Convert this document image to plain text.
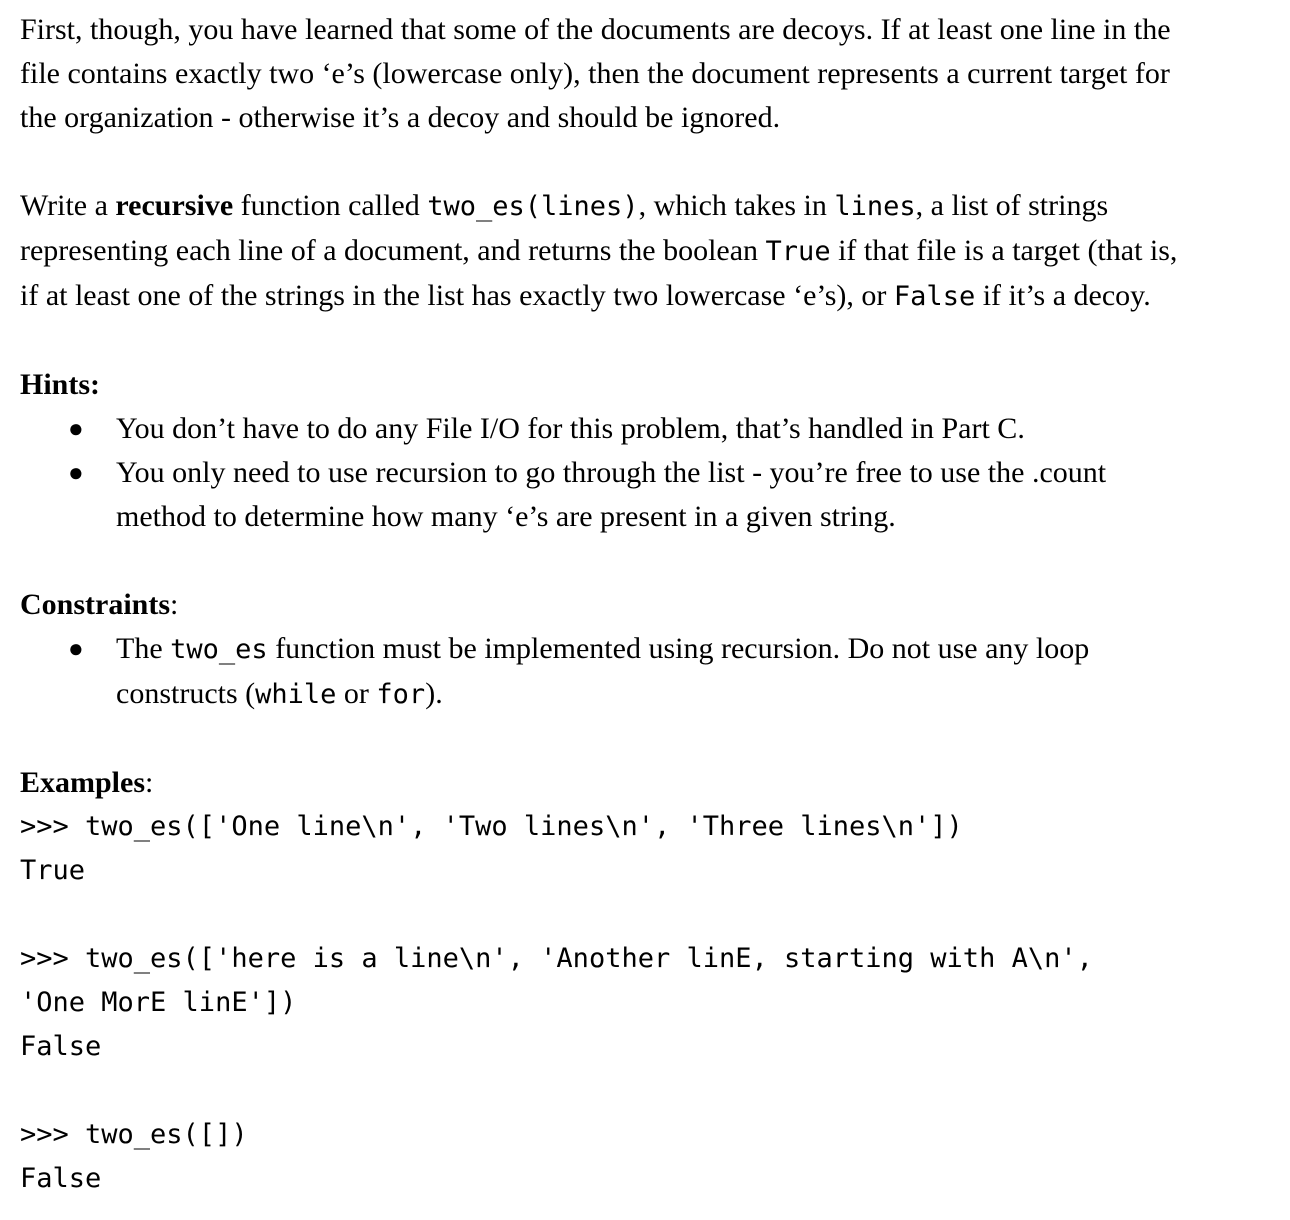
First, though, you have learned that some of the documents are decoys. If at least one line in the

file contains exactly two ‘e’s (lowercase only), then the document represents a current target for

the organization - otherwise it’s a decoy and should be ignored.

Write a recursive function called two_es(lines), which takes in lines, a list of strings

representing each line of a document, and returns the boolean True if that file is a target (that is,

if at least one of the strings in the list has exactly two lowercase ‘e’s), or False if it’s a decoy.

Hints:

● You don’t have to do any File I/O for this problem, that’s handled in Part C.
● You only need to use recursion to go through the list - you’re free to use the .count
method to determine how many ‘e’s are present in a given string.

Constraints:

● The two_es function must be implemented using recursion. Do not use any loop
constructs (while or for).

Examples:

>>> two_es(['One line\n', 'Two lines\n', 'Three lines\n'])
True
>>> two_es(['here is a line\n', 'Another linE, starting with A\n',
'One MorE linE'])
False
>>> two_es([])
False
